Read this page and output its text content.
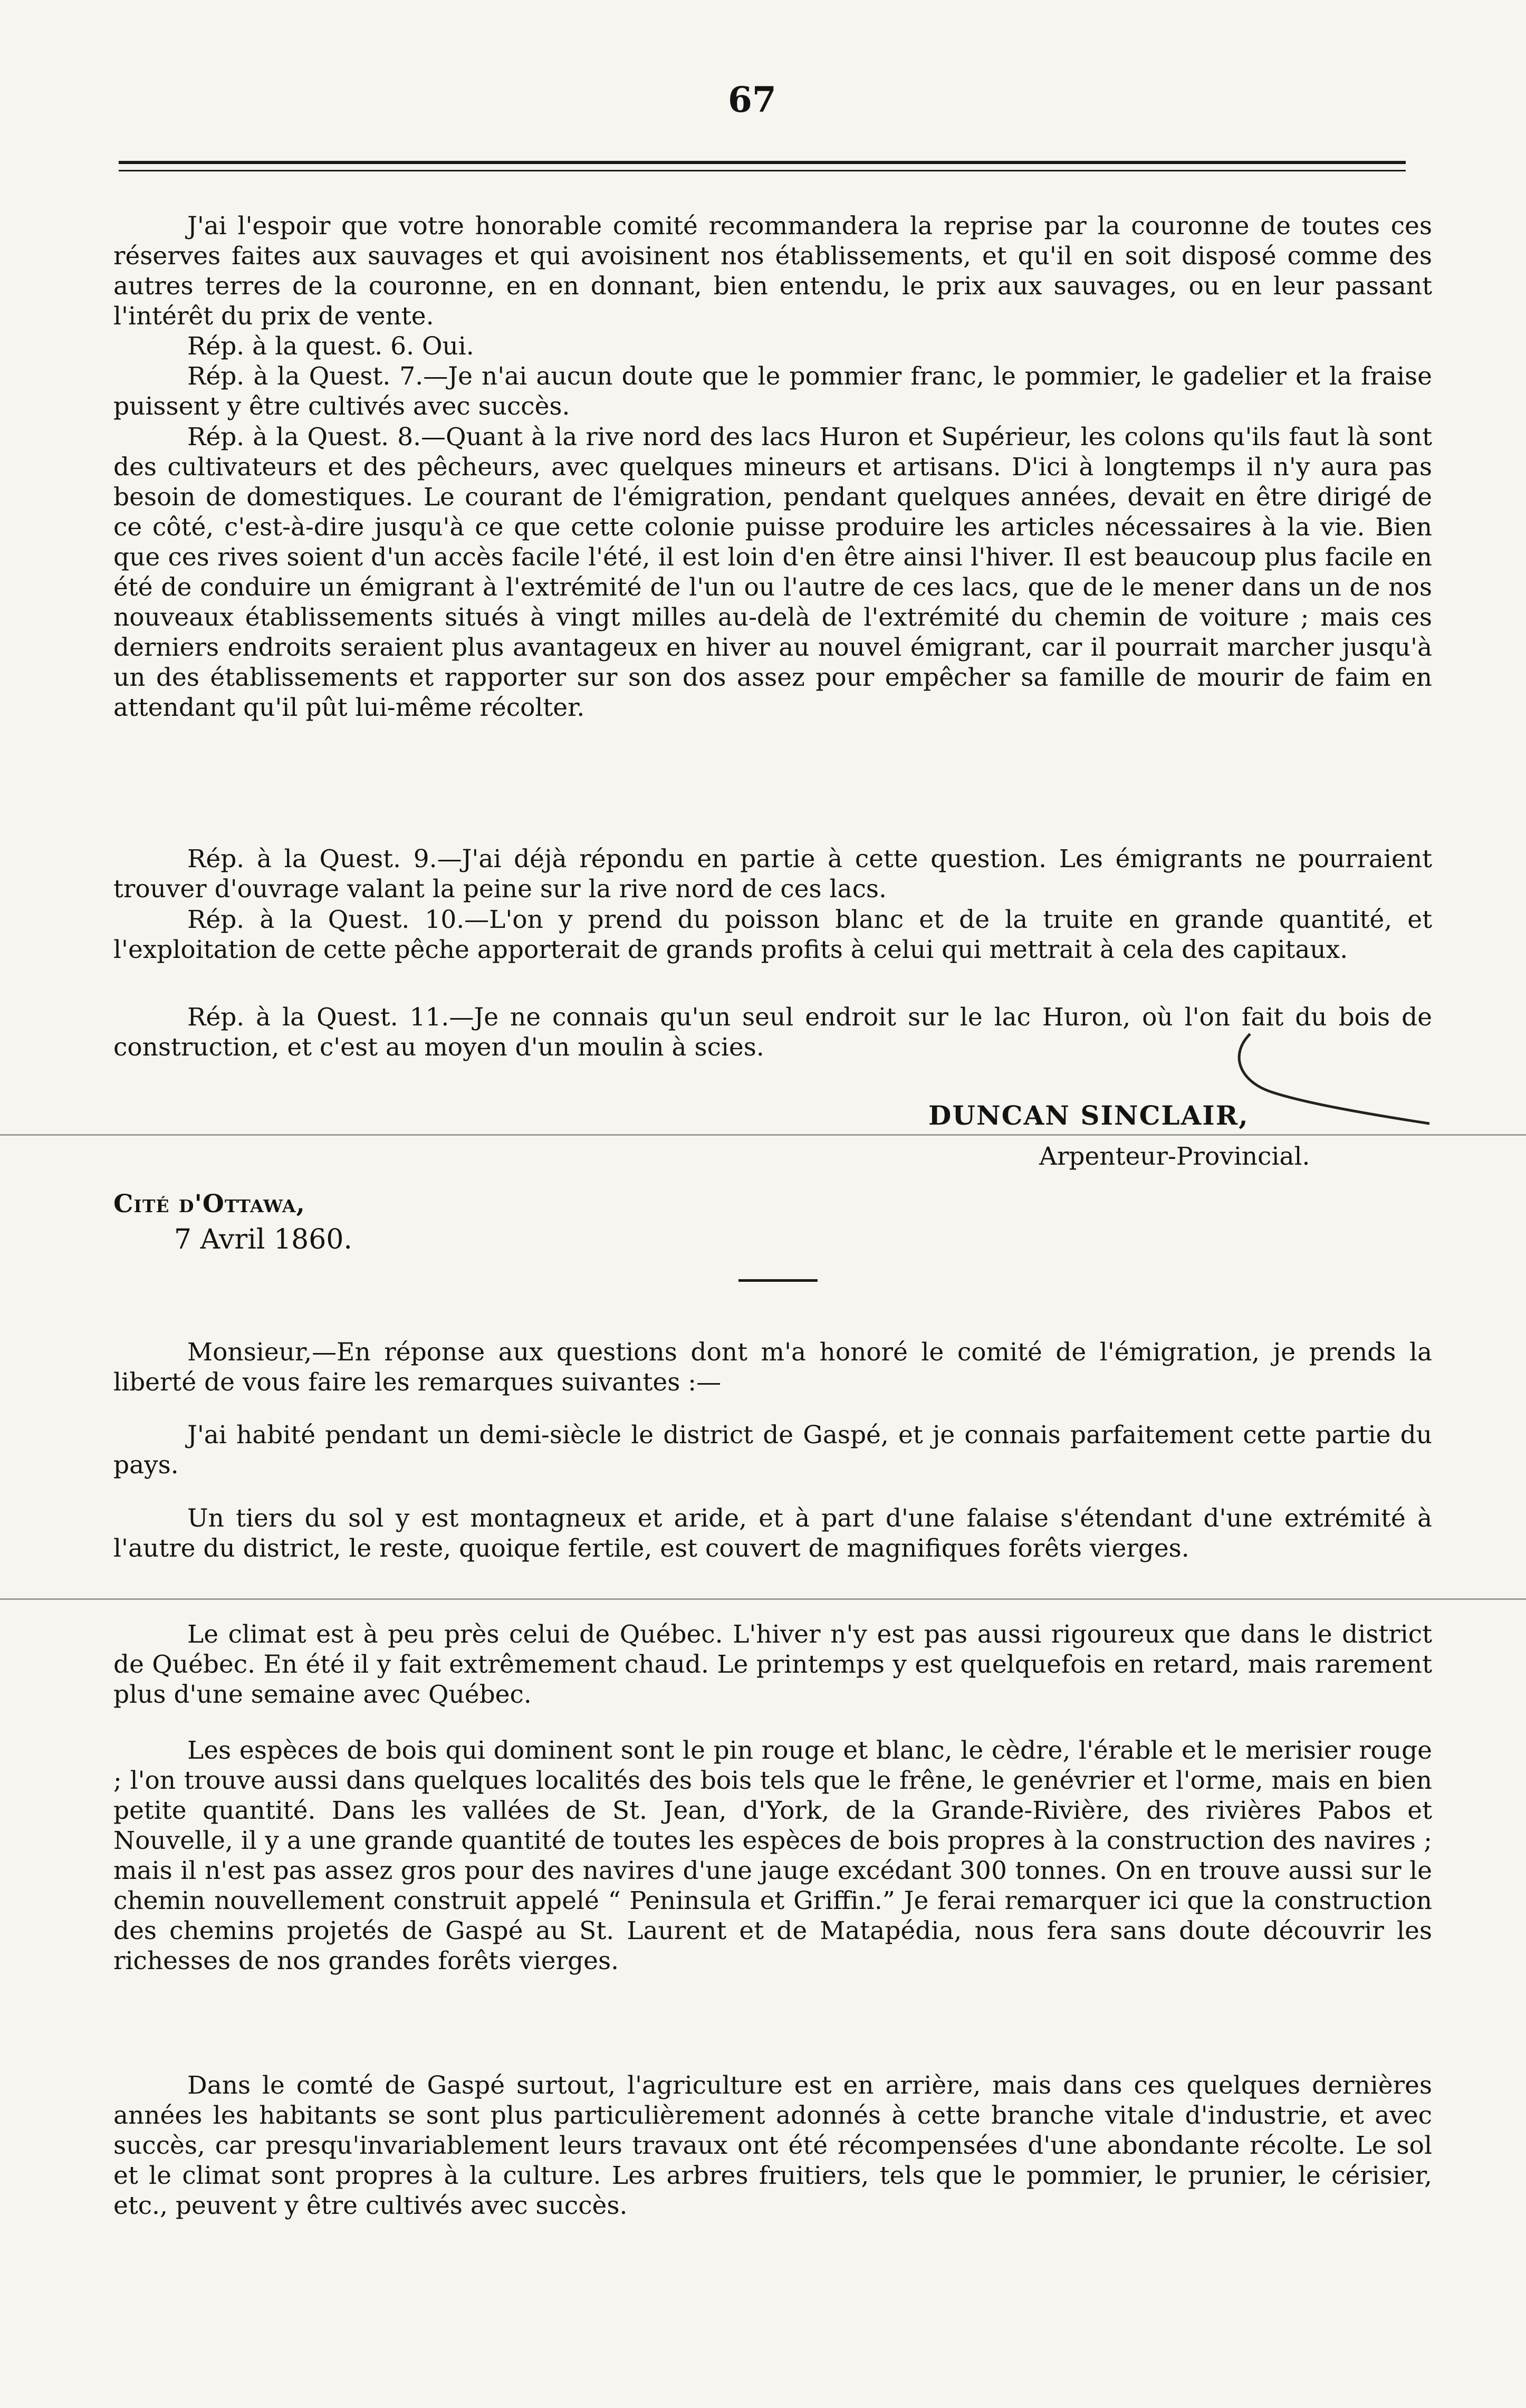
67

J'ai l'espoir que votre honorable comité recommandera la reprise par la couronne de toutes ces réserves faites aux sauvages et qui avoisinent nos établissements, et qu'il en soit disposé comme des autres terres de la couronne, en en donnant, bien entendu, le prix aux sauvages, ou en leur passant l'intérêt du prix de vente.

Rép. à la quest. 6. Oui.

Rép. à la Quest. 7.—Je n'ai aucun doute que le pommier franc, le pommier, le gadelier et la fraise puissent y être cultivés avec succès.

Rép. à la Quest. 8.—Quant à la rive nord des lacs Huron et Supérieur, les colons qu'ils faut là sont des cultivateurs et des pêcheurs, avec quelques mineurs et artisans. D'ici à longtemps il n'y aura pas besoin de domestiques. Le courant de l'émigration, pendant quelques années, devait en être dirigé de ce côté, c'est-à-dire jusqu'à ce que cette colonie puisse produire les articles nécessaires à la vie. Bien que ces rives soient d'un accès facile l'été, il est loin d'en être ainsi l'hiver. Il est beaucoup plus facile en été de conduire un émigrant à l'extrémité de l'un ou l'autre de ces lacs, que de le mener dans un de nos nouveaux établissements situés à vingt milles au-delà de l'extrémité du chemin de voiture ; mais ces derniers endroits seraient plus avantageux en hiver au nouvel émigrant, car il pourrait marcher jusqu'à un des établissements et rapporter sur son dos assez pour empêcher sa famille de mourir de faim en attendant qu'il pût lui-même récolter.

Rép. à la Quest. 9.—J'ai déjà répondu en partie à cette question. Les émigrants ne pourraient trouver d'ouvrage valant la peine sur la rive nord de ces lacs.

Rép. à la Quest. 10.—L'on y prend du poisson blanc et de la truite en grande quantité, et l'exploitation de cette pêche apporterait de grands profits à celui qui mettrait à cela des capitaux.

Rép. à la Quest. 11.—Je ne connais qu'un seul endroit sur le lac Huron, où l'on fait du bois de construction, et c'est au moyen d'un moulin à scies.

DUNCAN SINCLAIR,
Arpenteur-Provincial.
Cité d'Ottawa,
7 Avril 1860.

Monsieur,—En réponse aux questions dont m'a honoré le comité de l'émigration, je prends la liberté de vous faire les remarques suivantes :—

J'ai habité pendant un demi-siècle le district de Gaspé, et je connais parfaitement cette partie du pays.

Un tiers du sol y est montagneux et aride, et à part d'une falaise s'étendant d'une extrémité à l'autre du district, le reste, quoique fertile, est couvert de magnifiques forêts vierges.

Le climat est à peu près celui de Québec. L'hiver n'y est pas aussi rigoureux que dans le district de Québec. En été il y fait extrêmement chaud. Le printemps y est quelquefois en retard, mais rarement plus d'une semaine avec Québec.

Les espèces de bois qui dominent sont le pin rouge et blanc, le cèdre, l'érable et le merisier rouge ; l'on trouve aussi dans quelques localités des bois tels que le frêne, le genévrier et l'orme, mais en bien petite quantité. Dans les vallées de St. Jean, d'York, de la Grande-Rivière, des rivières Pabos et Nouvelle, il y a une grande quantité de toutes les espèces de bois propres à la construction des navires ; mais il n'est pas assez gros pour des navires d'une jauge excédant 300 tonnes. On en trouve aussi sur le chemin nouvellement construit appelé “ Peninsula et Griffin.” Je ferai remarquer ici que la construction des chemins projetés de Gaspé au St. Laurent et de Matapédia, nous fera sans doute découvrir les richesses de nos grandes forêts vierges.

Dans le comté de Gaspé surtout, l'agriculture est en arrière, mais dans ces quelques dernières années les habitants se sont plus particulièrement adonnés à cette branche vitale d'industrie, et avec succès, car presqu'invariablement leurs travaux ont été récompensées d'une abondante récolte. Le sol et le climat sont propres à la culture. Les arbres fruitiers, tels que le pommier, le prunier, le cérisier, etc., peuvent y être cultivés avec succès.
